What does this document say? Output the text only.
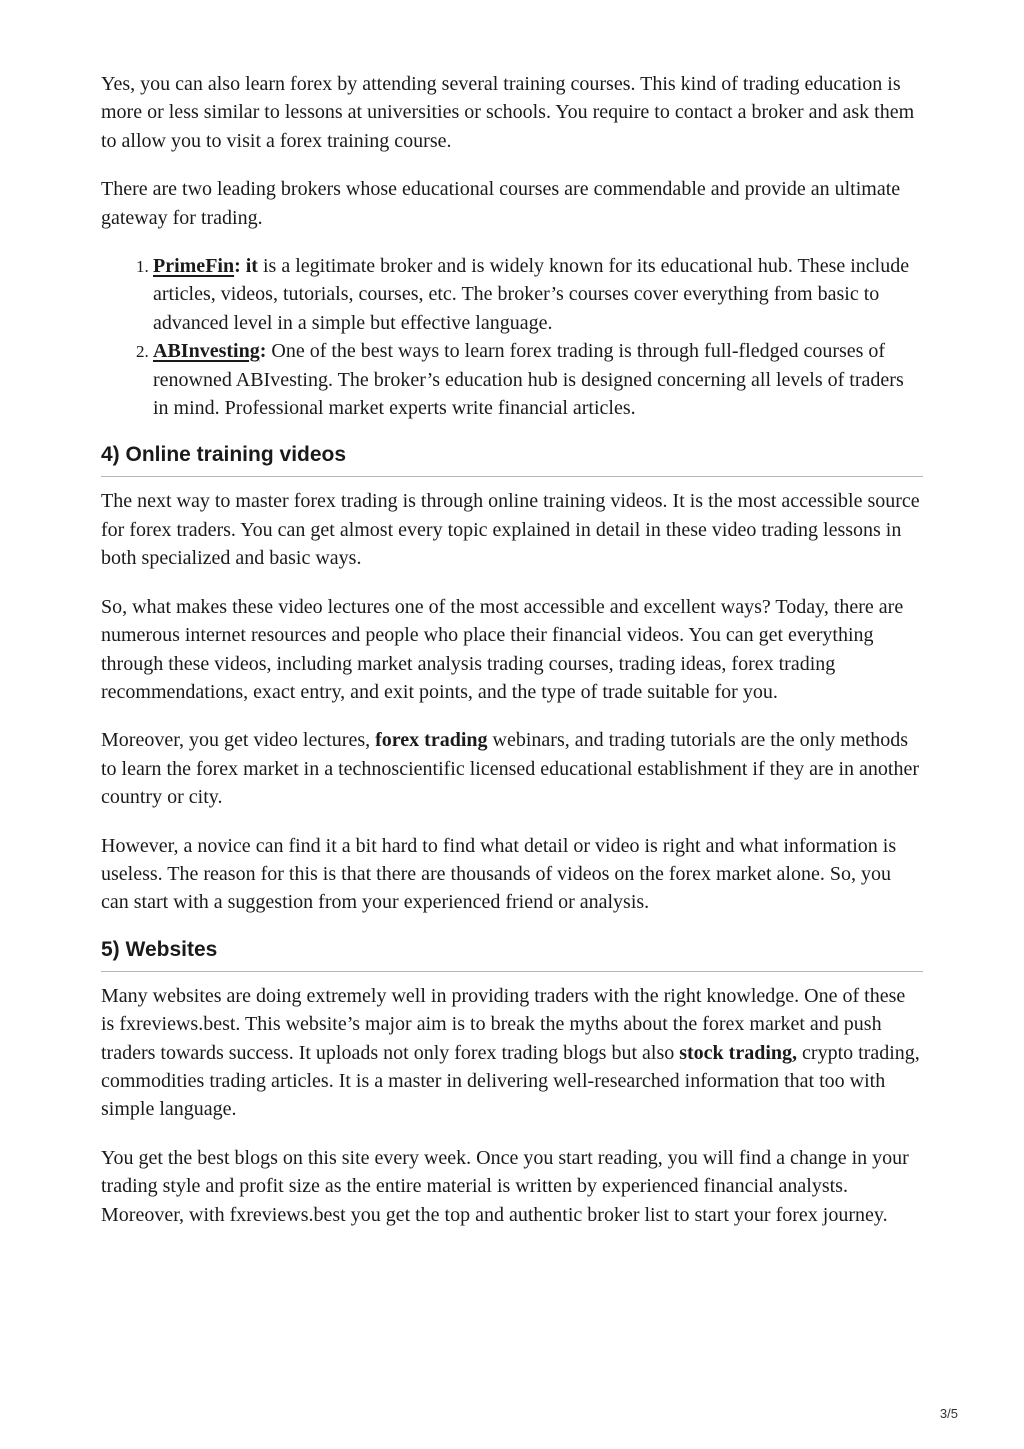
Yes, you can also learn forex by attending several training courses. This kind of trading education is more or less similar to lessons at universities or schools. You require to contact a broker and ask them to allow you to visit a forex training course.

There are two leading brokers whose educational courses are commendable and provide an ultimate gateway for trading.

1. PrimeFin: it is a legitimate broker and is widely known for its educational hub. These include articles, videos, tutorials, courses, etc. The broker’s courses cover everything from basic to advanced level in a simple but effective language.
2. ABInvesting: One of the best ways to learn forex trading is through full-fledged courses of renowned ABIvesting. The broker’s education hub is designed concerning all levels of traders in mind. Professional market experts write financial articles.
4) Online training videos

The next way to master forex trading is through online training videos. It is the most accessible source for forex traders. You can get almost every topic explained in detail in these video trading lessons in both specialized and basic ways.

So, what makes these video lectures one of the most accessible and excellent ways? Today, there are numerous internet resources and people who place their financial videos. You can get everything through these videos, including market analysis trading courses, trading ideas, forex trading recommendations, exact entry, and exit points, and the type of trade suitable for you.

Moreover, you get video lectures, forex trading webinars, and trading tutorials are the only methods to learn the forex market in a technoscientific licensed educational establishment if they are in another country or city.

However, a novice can find it a bit hard to find what detail or video is right and what information is useless. The reason for this is that there are thousands of videos on the forex market alone. So, you can start with a suggestion from your experienced friend or analysis.

5) Websites

Many websites are doing extremely well in providing traders with the right knowledge. One of these is fxreviews.best. This website’s major aim is to break the myths about the forex market and push traders towards success. It uploads not only forex trading blogs but also stock trading, crypto trading, commodities trading articles. It is a master in delivering well-researched information that too with simple language.

You get the best blogs on this site every week. Once you start reading, you will find a change in your trading style and profit size as the entire material is written by experienced financial analysts. Moreover, with fxreviews.best you get the top and authentic broker list to start your forex journey.

3/5
